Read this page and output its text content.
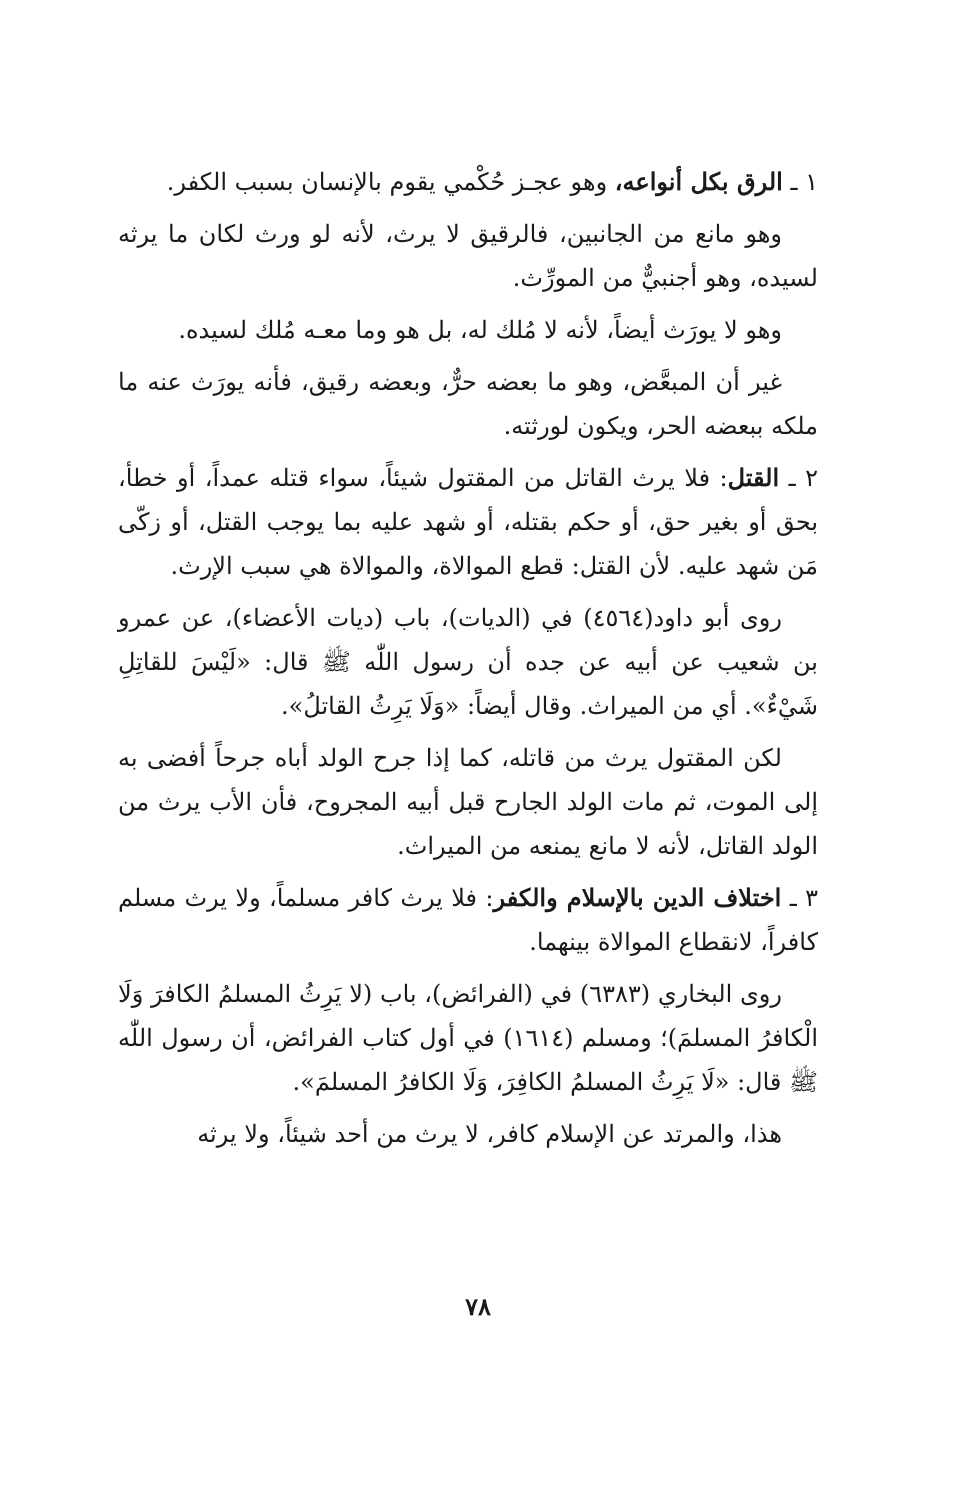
١ ـ الرق بكل أنواعه، وهو عجـز حُكْمي يقوم بالإنسان بسبب الكفر.

وهو مانع من الجانبين، فالرقيق لا يرث، لأنه لو ورث لكان ما يرثه لسيده، وهو أجنبيٌّ من المورِّث.

وهو لا يورَث أيضاً، لأنه لا مُلك له، بل هو وما معـه مُلك لسيده.

غير أن المبعَّض، وهو ما بعضه حرٌّ، وبعضه رقيق، فأنه يورَث عنه ما ملكه ببعضه الحر، ويكون لورثته.

٢ ـ القتل: فلا يرث القاتل من المقتول شيئاً، سواء قتله عمداً، أو خطأ، بحق أو بغير حق، أو حكم بقتله، أو شهد عليه بما يوجب القتل، أو زكّى مَن شهد عليه. لأن القتل: قطع الموالاة، والموالاة هي سبب الإرث.

روى أبو داود(٤٥٦٤) في (الديات)، باب (ديات الأعضاء)، عن عمرو بن شعيب عن أبيه عن جده أن رسول اللّٰه ﷺ قال: «لَيْسَ للقاتِلِ شَيْءٌ». أي من الميراث. وقال أيضاً: «وَلَا يَرِثُ القاتلُ».

لكن المقتول يرث من قاتله، كما إذا جرح الولد أباه جرحاً أفضى به إلى الموت، ثم مات الولد الجارح قبل أبيه المجروح، فأن الأب يرث من الولد القاتل، لأنه لا مانع يمنعه من الميراث.

٣ ـ اختلاف الدين بالإسلام والكفر: فلا يرث كافر مسلماً، ولا يرث مسلم كافراً، لانقطاع الموالاة بينهما.

روى البخاري (٦٣٨٣) في (الفرائض)، باب (لا يَرِثُ المسلمُ الكافرَ وَلَا الْكافرُ المسلمَ)؛ ومسلم (١٦١٤) في أول كتاب الفرائض، أن رسول اللّٰه ﷺ قال: «لَا يَرِثُ المسلمُ الكافِرَ، وَلَا الكافرُ المسلمَ».

هذا، والمرتد عن الإسلام كافر، لا يرث من أحد شيئاً، ولا يرثه

٧٨
